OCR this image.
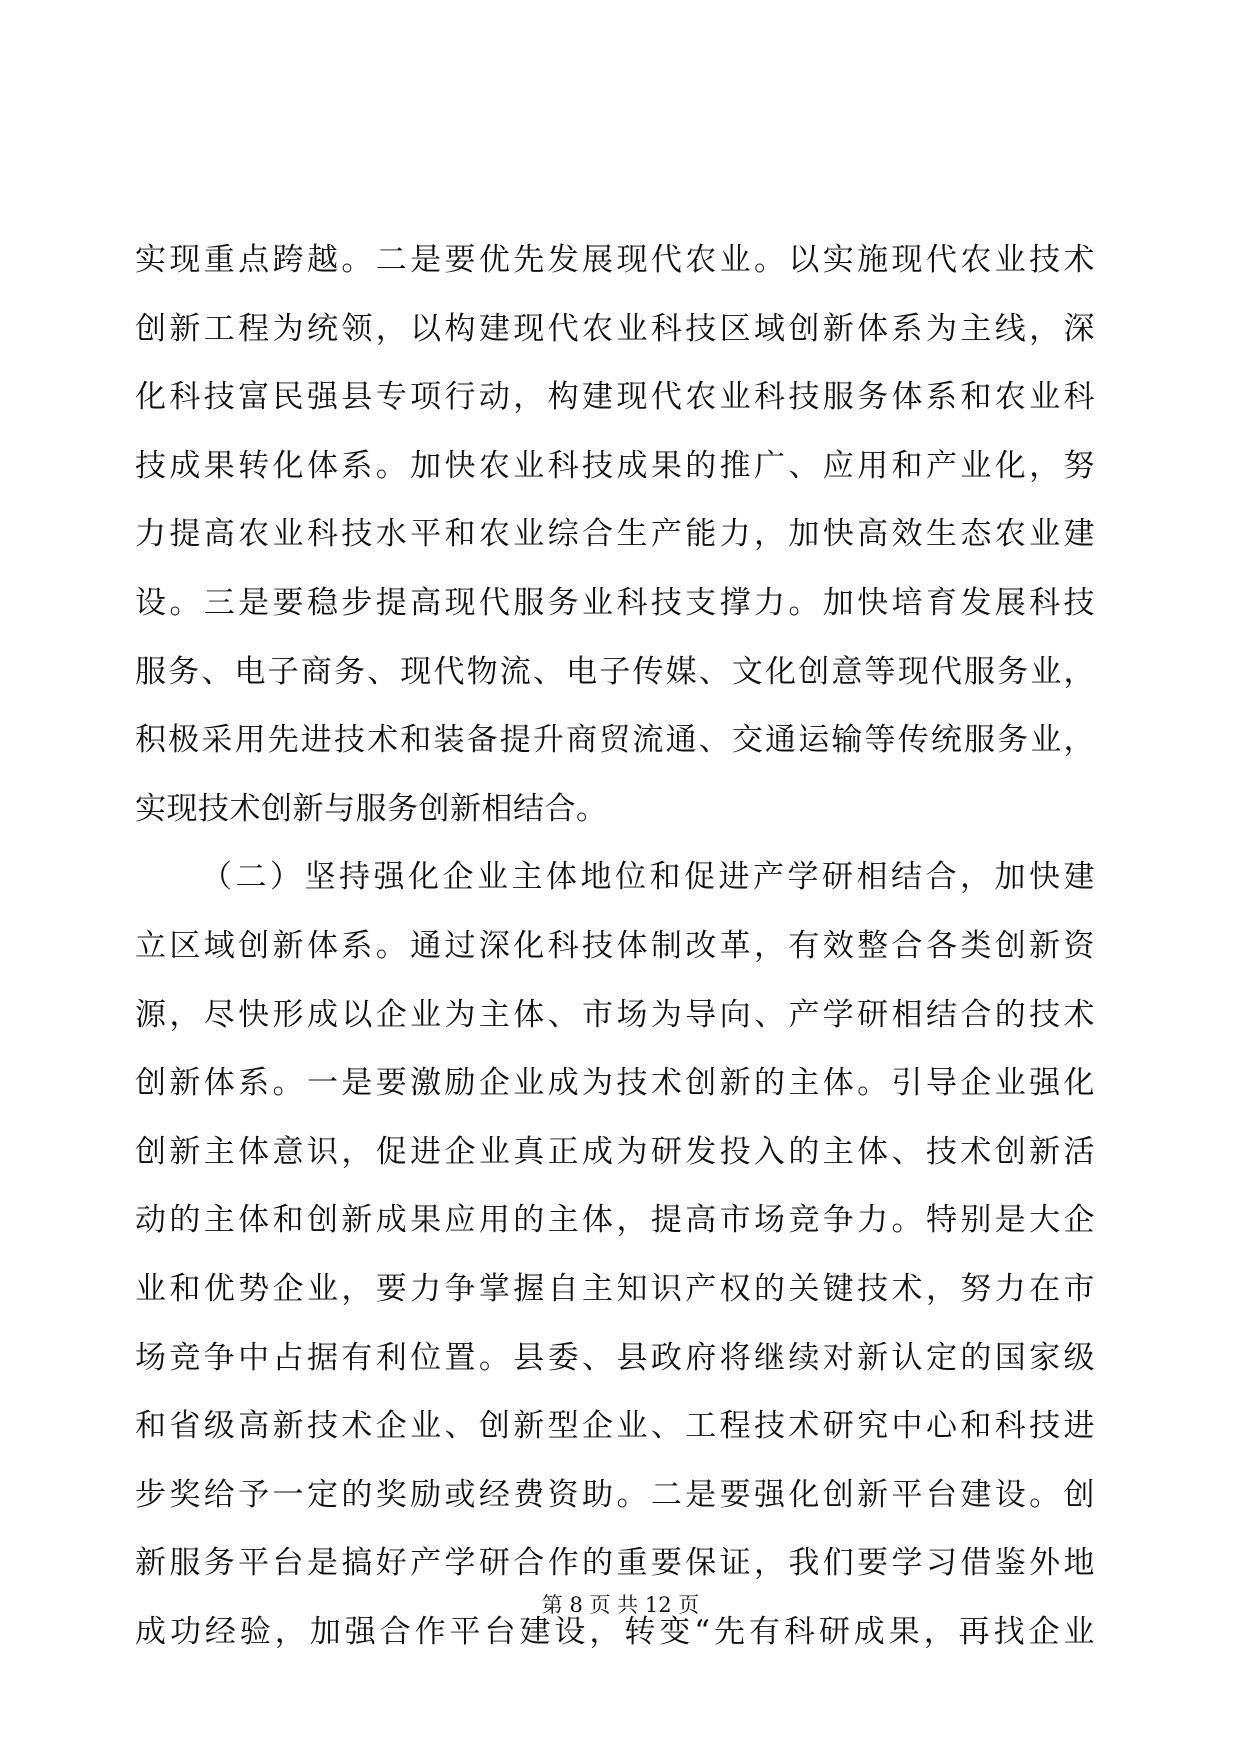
实现重点跨越。二是要优先发展现代农业。以实施现代农业技术
创新工程为统领，以构建现代农业科技区域创新体系为主线，深
化科技富民强县专项行动，构建现代农业科技服务体系和农业科
技成果转化体系。加快农业科技成果的推广、应用和产业化，努
力提高农业科技水平和农业综合生产能力，加快高效生态农业建
设。三是要稳步提高现代服务业科技支撑力。加快培育发展科技
服务、电子商务、现代物流、电子传媒、文化创意等现代服务业，
积极采用先进技术和装备提升商贸流通、交通运输等传统服务业，
实现技术创新与服务创新相结合。
（二）坚持强化企业主体地位和促进产学研相结合，加快建
立区域创新体系。通过深化科技体制改革，有效整合各类创新资
源，尽快形成以企业为主体、市场为导向、产学研相结合的技术
创新体系。一是要激励企业成为技术创新的主体。引导企业强化
创新主体意识，促进企业真正成为研发投入的主体、技术创新活
动的主体和创新成果应用的主体，提高市场竞争力。特别是大企
业和优势企业，要力争掌握自主知识产权的关键技术，努力在市
场竞争中占据有利位置。县委、县政府将继续对新认定的国家级
和省级高新技术企业、创新型企业、工程技术研究中心和科技进
步奖给予一定的奖励或经费资助。二是要强化创新平台建设。创
新服务平台是搞好产学研合作的重要保证，我们要学习借鉴外地
成功经验，加强合作平台建设，转变“先有科研成果，再找企业
第 8 页 共 12 页
